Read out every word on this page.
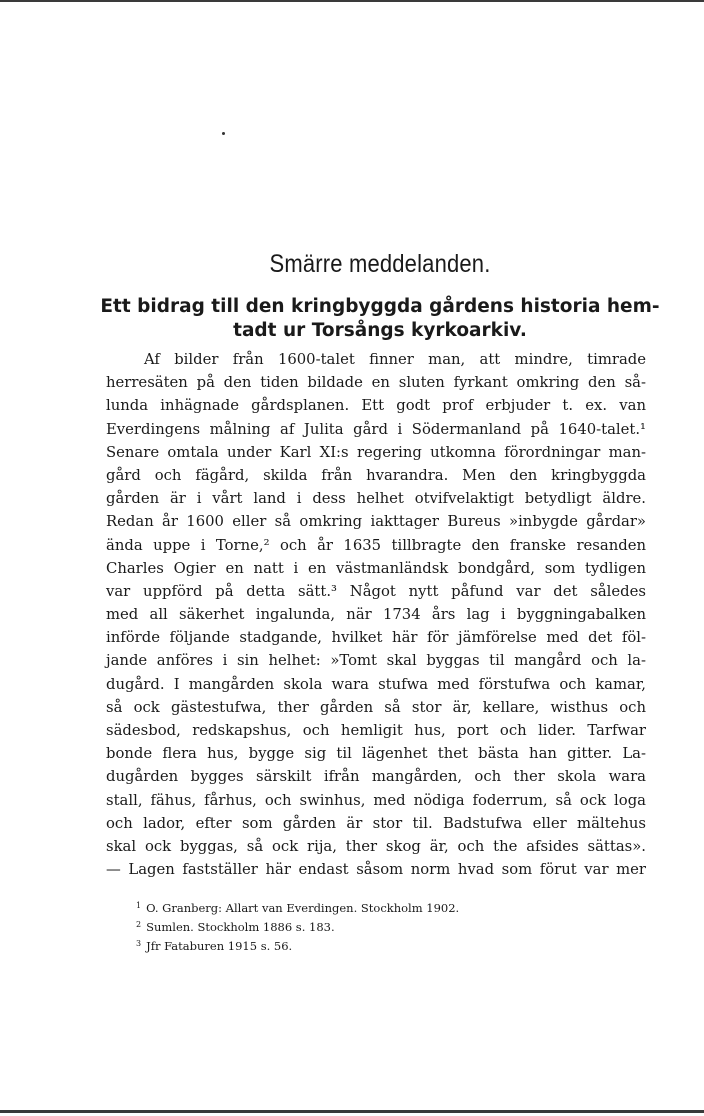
Smärre meddelanden.
Ett bidrag till den kringbyggda gårdens historia hem-
tadt ur Torsångs kyrkoarkiv.
Af bilder från 1600-talet finner man, att mindre, timrade
herresäten på den tiden bildade en sluten fyrkant omkring den så-
lunda inhägnade gårdsplanen. Ett godt prof erbjuder t. ex. van
Everdingens målning af Julita gård i Södermanland på 1640-talet.¹
Senare omtala under Karl XI:s regering utkomna förordningar man-
gård och fägård, skilda från hvarandra. Men den kringbyggda
gården är i vårt land i dess helhet otvifvelaktigt betydligt äldre.
Redan år 1600 eller så omkring iakttager Bureus »inbygde gårdar»
ända uppe i Torne,² och år 1635 tillbragte den franske resanden
Charles Ogier en natt i en västmanländsk bondgård, som tydligen
var uppförd på detta sätt.³ Något nytt påfund var det således
med all säkerhet ingalunda, när 1734 års lag i byggningabalken
införde följande stadgande, hvilket här för jämförelse med det föl-
jande anföres i sin helhet: »Tomt skal byggas til mangård och la-
dugård. I mangården skola wara stufwa med förstufwa och kamar,
så ock gästestufwa, ther gården så stor är, kellare, wisthus och
sädesbod, redskapshus, och hemligit hus, port och lider. Tarfwar
bonde flera hus, bygge sig til lägenhet thet bästa han gitter. La-
dugården bygges särskilt ifrån mangården, och ther skola wara
stall, fähus, fårhus, och swinhus, med nödiga foderrum, så ock loga
och lador, efter som gården är stor til. Badstufwa eller mältehus
skal ock byggas, så ock rija, ther skog är, och the afsides sättas».
— Lagen fastställer här endast såsom norm hvad som förut var mer
$^1$ O. Granberg: Allart van Everdingen. Stockholm 1902.
$^2$ Sumlen. Stockholm 1886 s. 183.
$^3$ Jfr Fataburen 1915 s. 56.
